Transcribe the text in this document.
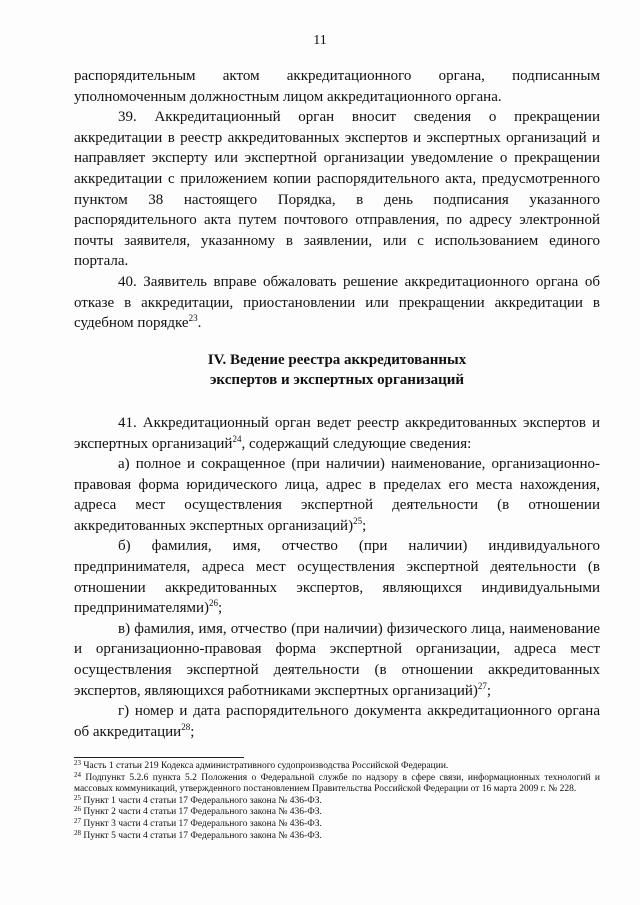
11

распорядительным актом аккредитационного органа, подписанным уполномоченным должностным лицом аккредитационного органа.

39. Аккредитационный орган вносит сведения о прекращении аккредитации в реестр аккредитованных экспертов и экспертных организаций и направляет эксперту или экспертной организации уведомление о прекращении аккредитации с приложением копии распорядительного акта, предусмотренного пунктом 38 настоящего Порядка, в день подписания указанного распорядительного акта путем почтового отправления, по адресу электронной почты заявителя, указанному в заявлении, или с использованием единого портала.

40. Заявитель вправе обжаловать решение аккредитационного органа об отказе в аккредитации, приостановлении или прекращении аккредитации в судебном порядке$^{23}$.

IV. Ведение реестра аккредитованных
экспертов и экспертных организаций

41. Аккредитационный орган ведет реестр аккредитованных экспертов и экспертных организаций$^{24}$, содержащий следующие сведения:

а) полное и сокращенное (при наличии) наименование, организационно-правовая форма юридического лица, адрес в пределах его места нахождения, адреса мест осуществления экспертной деятельности (в отношении аккредитованных экспертных организаций)$^{25}$;

б) фамилия, имя, отчество (при наличии) индивидуального предпринимателя, адреса мест осуществления экспертной деятельности (в отношении аккредитованных экспертов, являющихся индивидуальными предпринимателями)$^{26}$;

в) фамилия, имя, отчество (при наличии) физического лица, наименование и организационно-правовая форма экспертной организации, адреса мест осуществления экспертной деятельности (в отношении аккредитованных экспертов, являющихся работниками экспертных организаций)$^{27}$;

г) номер и дата распорядительного документа аккредитационного органа об аккредитации$^{28}$;

$^{23}$ Часть 1 статьи 219 Кодекса административного судопроизводства Российской Федерации.
$^{24}$ Подпункт 5.2.6 пункта 5.2 Положения о Федеральной службе по надзору в сфере связи, информационных технологий и массовых коммуникаций, утвержденного постановлением Правительства Российской Федерации от 16 марта 2009 г. № 228.
$^{25}$ Пункт 1 части 4 статьи 17 Федерального закона № 436-ФЗ.
$^{26}$ Пункт 2 части 4 статьи 17 Федерального закона № 436-ФЗ.
$^{27}$ Пункт 3 части 4 статьи 17 Федерального закона № 436-ФЗ.
$^{28}$ Пункт 5 части 4 статьи 17 Федерального закона № 436-ФЗ.
